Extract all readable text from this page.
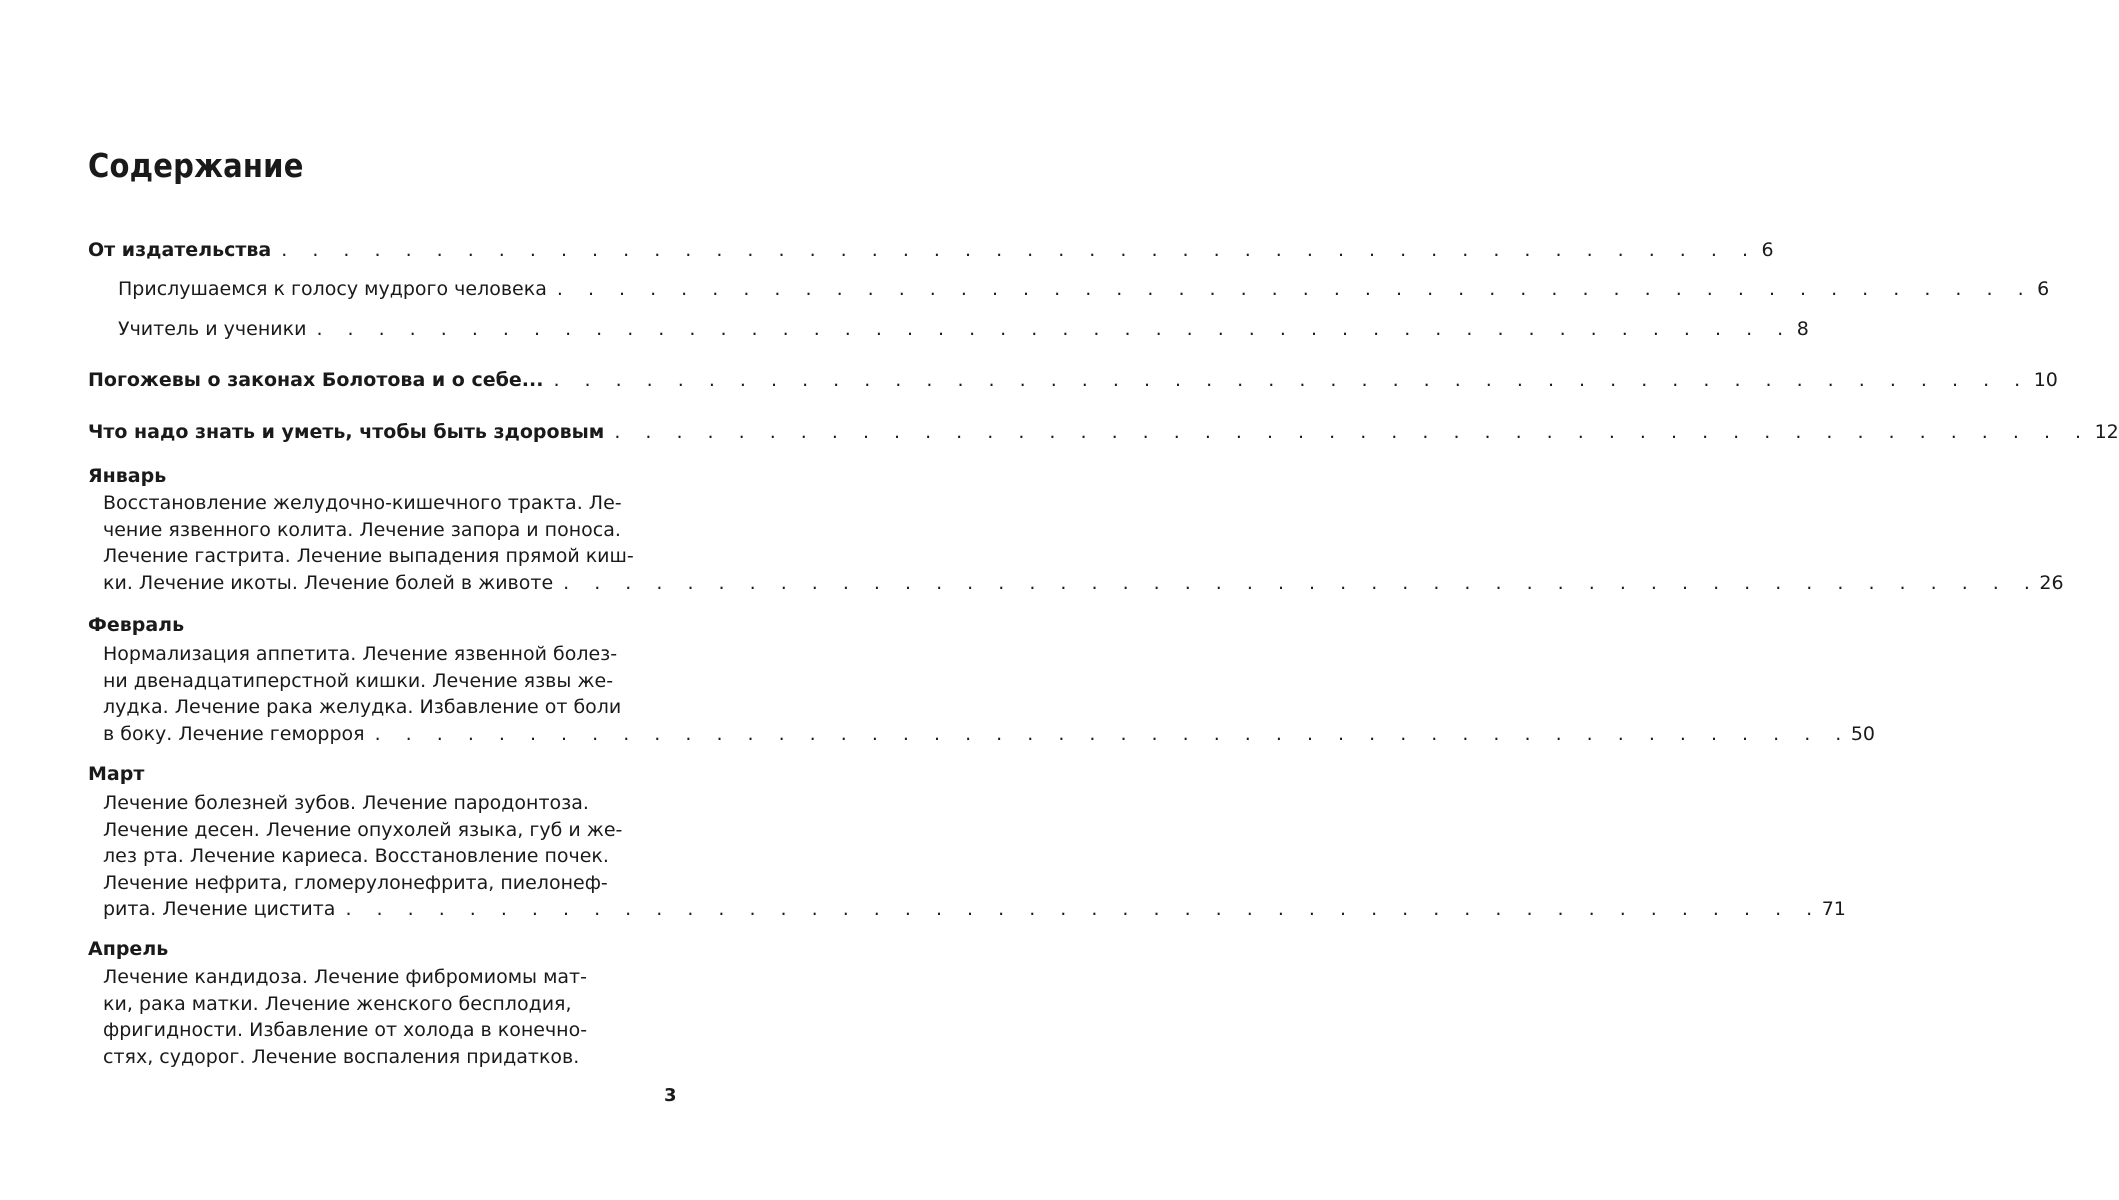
Содержание
От издательства . . . . . . . . . . . . . . . . . . . . . . . . . . . . . . . . . . . . . . . . . . . . . . . . 6
Прислушаемся к голосу мудрого человека . . . . . . . . . . . . . . . . . . . . . . . . . . . . . . . . . . . . . . . . . . . . . . . . 6
Учитель и ученики . . . . . . . . . . . . . . . . . . . . . . . . . . . . . . . . . . . . . . . . . . . . . . . . 8
Погожевы о законах Болотова и о себе... . . . . . . . . . . . . . . . . . . . . . . . . . . . . . . . . . . . . . . . . . . . . . . . . 10
Что надо знать и уметь, чтобы быть здоровым . . . . . . . . . . . . . . . . . . . . . . . . . . . . . . . . . . . . . . . . . . . . . . . . 12
Январь
Восстановление желудочно-кишечного тракта. Ле-
чение язвенного колита. Лечение запора и поноса.
Лечение гастрита. Лечение выпадения прямой киш-
ки. Лечение икоты. Лечение болей в животе . . . . . . . . . . . . . . . . . . . . . . . . . . . . . . . . . . . . . . . . . . . . . . . . 26
Февраль
Нормализация аппетита. Лечение язвенной болез-
ни двенадцатиперстной кишки. Лечение язвы же-
лудка. Лечение рака желудка. Избавление от боли
в боку. Лечение геморроя . . . . . . . . . . . . . . . . . . . . . . . . . . . . . . . . . . . . . . . . . . . . . . . . 50
Март
Лечение болезней зубов. Лечение пародонтоза.
Лечение десен. Лечение опухолей языка, губ и же-
лез рта. Лечение кариеса. Восстановление почек.
Лечение нефрита, гломерулонефрита, пиелонеф-
рита. Лечение цистита . . . . . . . . . . . . . . . . . . . . . . . . . . . . . . . . . . . . . . . . . . . . . . . . 71
Апрель
Лечение кандидоза. Лечение фибромиомы мат-
ки, рака матки. Лечение женского бесплодия,
фригидности. Избавление от холода в конечно-
стях, судорог. Лечение воспаления придатков.
3
